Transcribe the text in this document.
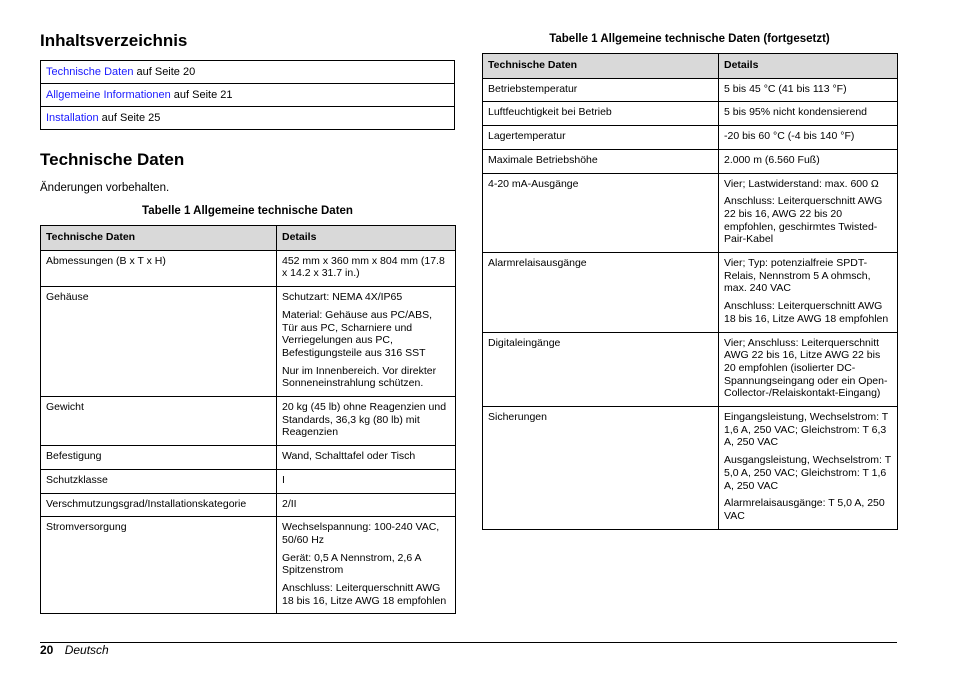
Inhaltsverzeichnis
Technische Daten auf Seite 20
Allgemeine Informationen auf Seite 21
Installation auf Seite 25
Technische Daten

Änderungen vorbehalten.

Tabelle 1 Allgemeine technische Daten
Technische Daten	Details
Abmessungen (B x T x H)	452 mm x 360 mm x 804 mm (17.8 x 14.2 x 31.7 in.)

Gehäuse	Schutzart: NEMA 4X/IP65

Material: Gehäuse aus PC/ABS, Tür aus PC, Scharniere und Verriegelungen aus PC, Befestigungsteile aus 316 SST

Nur im Innenbereich. Vor direkter Sonneneinstrahlung schützen.

Gewicht	20 kg (45 lb) ohne Reagenzien und Standards, 36,3 kg (80 lb) mit Reagenzien

Befestigung	Wand, Schalttafel oder Tisch

Schutzklasse	I

Verschmutzungsgrad/Installationskategorie	2/II

Stromversorgung	Wechselspannung: 100-240 VAC, 50/60 Hz

Gerät: 0,5 A Nennstrom, 2,6 A Spitzenstrom

Anschluss: Leiterquerschnitt AWG 18 bis 16, Litze AWG 18 empfohlen

Tabelle 1 Allgemeine technische Daten (fortgesetzt)
Technische Daten	Details
Betriebstemperatur	5 bis 45 °C (41 bis 113 °F)

Luftfeuchtigkeit bei Betrieb	5 bis 95% nicht kondensierend

Lagertemperatur	-20 bis 60 °C (-4 bis 140 °F)

Maximale Betriebshöhe	2.000 m (6.560 Fuß)

4-20 mA-Ausgänge	Vier; Lastwiderstand: max. 600 Ω

Anschluss: Leiterquerschnitt AWG 22 bis 16, AWG 22 bis 20 empfohlen, geschirmtes Twisted-Pair-Kabel

Alarmrelaisausgänge	Vier; Typ: potenzialfreie SPDT-Relais, Nennstrom 5 A ohmsch, max. 240 VAC

Anschluss: Leiterquerschnitt AWG 18 bis 16, Litze AWG 18 empfohlen

Digitaleingänge	Vier; Anschluss: Leiterquerschnitt AWG 22 bis 16, Litze AWG 22 bis 20 empfohlen (isolierter DC-Spannungseingang oder ein Open-Collector-/Relaiskontakt-Eingang)

Sicherungen	Eingangsleistung, Wechselstrom: T 1,6 A, 250 VAC; Gleichstrom: T 6,3 A, 250 VAC

Ausgangsleistung, Wechselstrom: T 5,0 A, 250 VAC; Gleichstrom: T 1,6 A, 250 VAC

Alarmrelaisausgänge: T 5,0 A, 250 VAC

20 Deutsch
